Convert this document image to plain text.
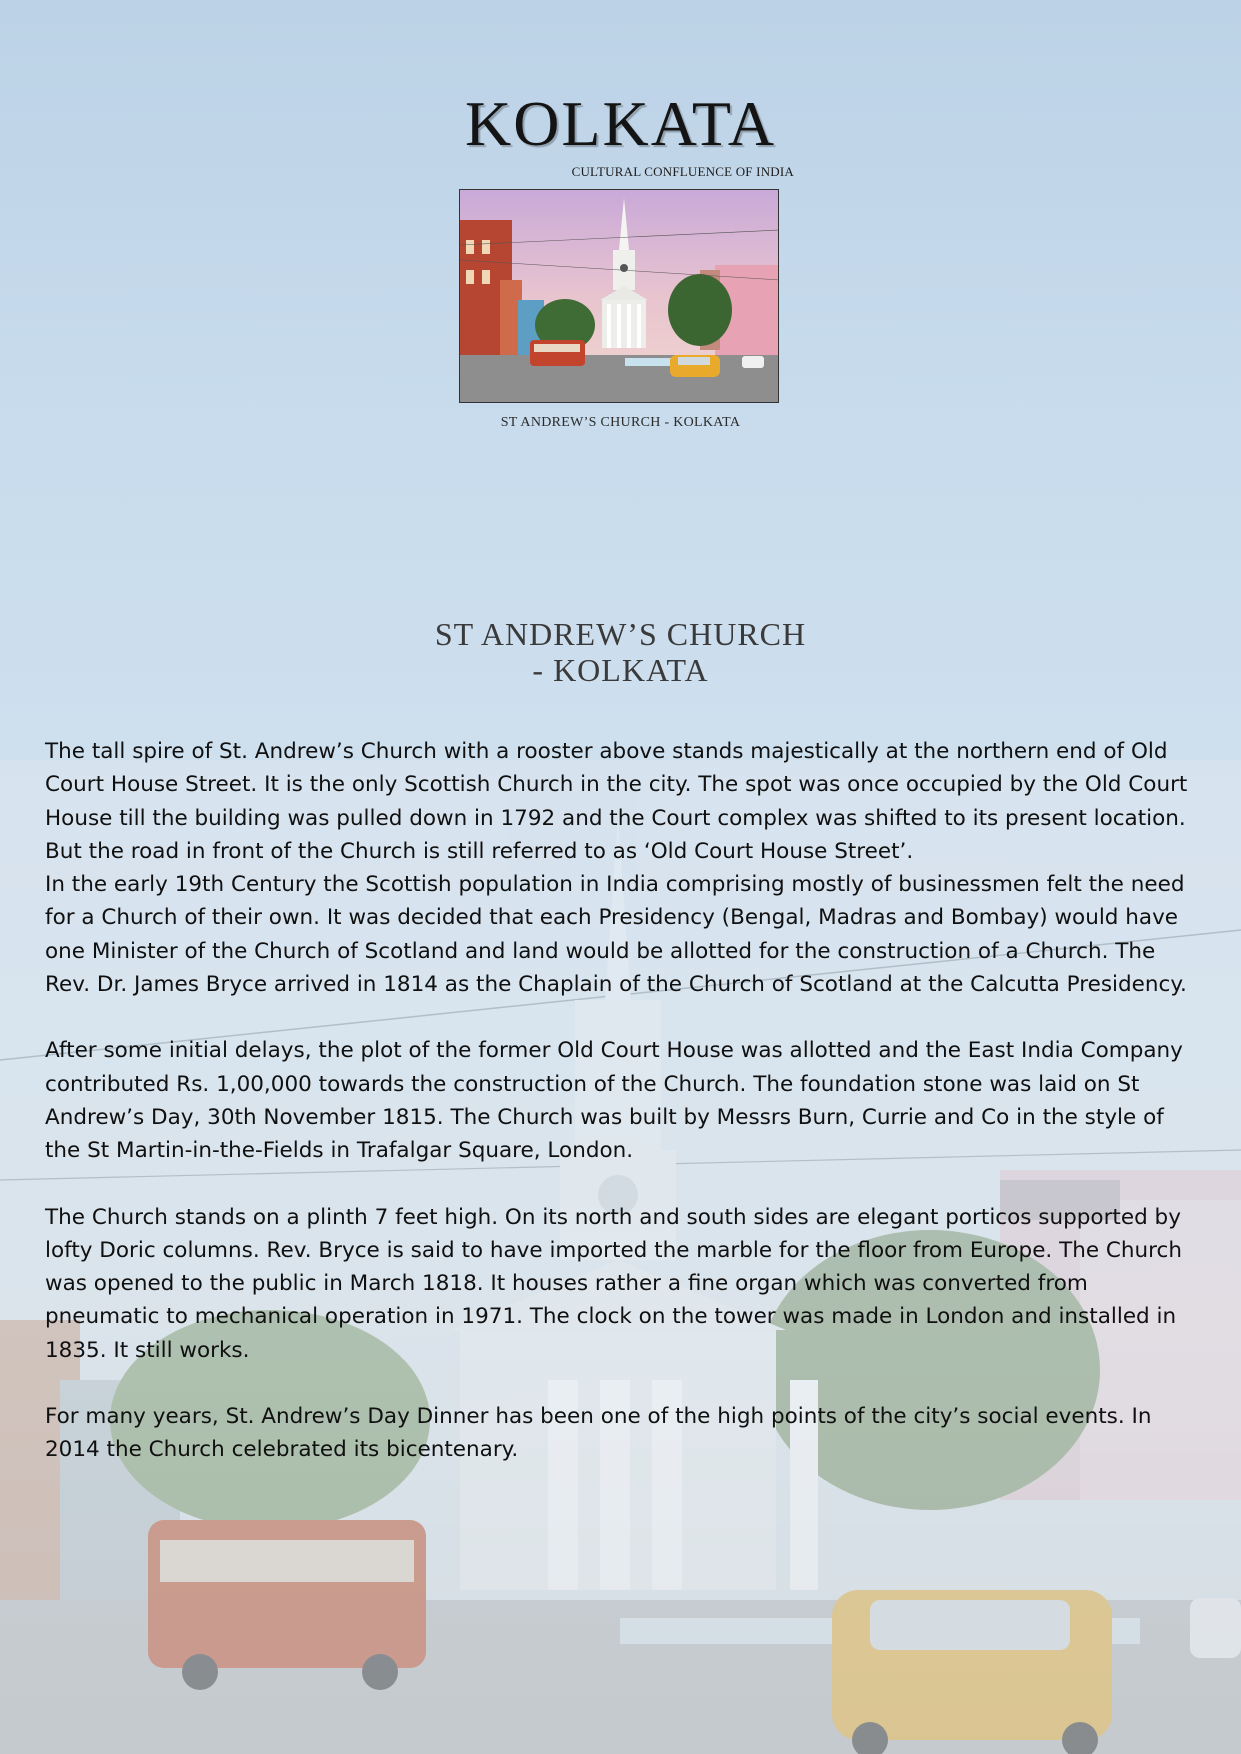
KOLKATA
CULTURAL CONFLUENCE OF INDIA
ST ANDREW’S CHURCH - KOLKATA
ST ANDREW’S CHURCH
- KOLKATA

The tall spire of St. Andrew’s Church with a rooster above stands majestically at the northern end of Old Court House Street. It is the only Scottish Church in the city. The spot was once occupied by the Old Court House till the building was pulled down in 1792 and the Court complex was shifted to its present location. But the road in front of the Church is still referred to as ‘Old Court House Street’.

In the early 19th Century the Scottish population in India comprising mostly of businessmen felt the need for a Church of their own. It was decided that each Presidency (Bengal, Madras and Bombay) would have one Minister of the Church of Scotland and land would be allotted for the construction of a Church. The Rev. Dr. James Bryce arrived in 1814 as the Chaplain of the Church of Scotland at the Calcutta Presidency.

After some initial delays, the plot of the former Old Court House was allotted and the East India Company contributed Rs. 1,00,000 towards the construction of the Church. The foundation stone was laid on St Andrew’s Day, 30th November 1815. The Church was built by Messrs Burn, Currie and Co in the style of the St Martin-in-the-Fields in Trafalgar Square, London.

The Church stands on a plinth 7 feet high. On its north and south sides are elegant porticos supported by lofty Doric columns. Rev. Bryce is said to have imported the marble for the floor from Europe. The Church was opened to the public in March 1818. It houses rather a fine organ which was converted from pneumatic to mechanical operation in 1971. The clock on the tower was made in London and installed in 1835. It still works.

For many years, St. Andrew’s Day Dinner has been one of the high points of the city’s social events. In 2014 the Church celebrated its bicentenary.
